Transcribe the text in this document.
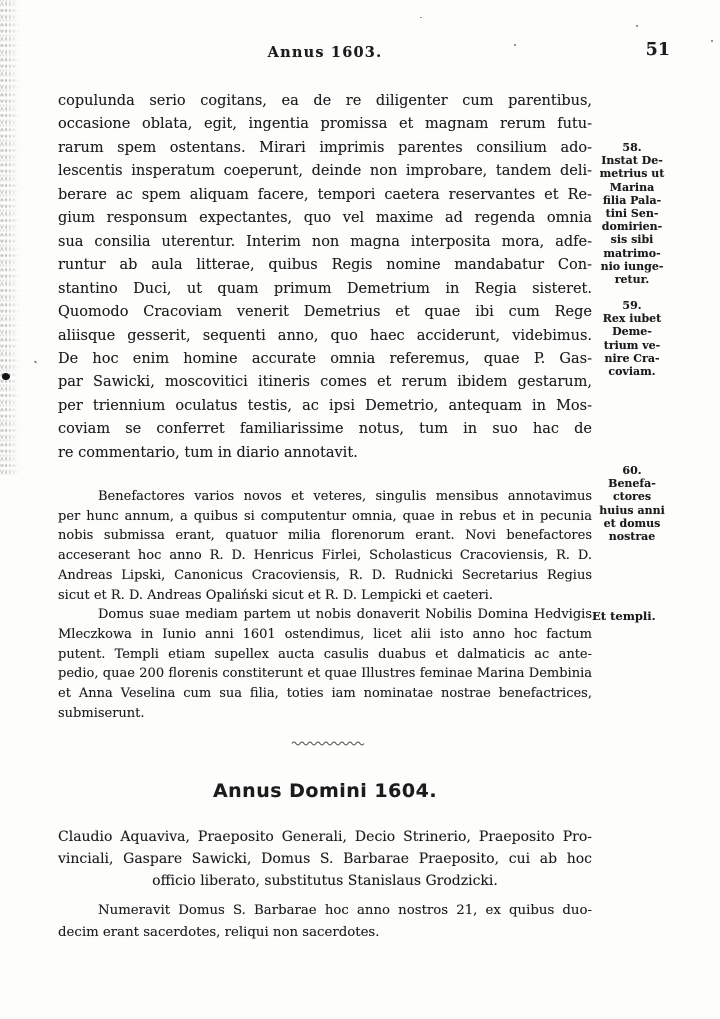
Annus 1603.	51
copulunda serio cogitans, ea de re diligenter cum parentibus,
occasione oblata, egit, ingentia promissa et magnam rerum futu-
rarum spem ostentans. Mirari imprimis parentes consilium ado-
lescentis insperatum coeperunt, deinde non improbare, tandem deli-
berare ac spem aliquam facere, tempori caetera reservantes et Re-
gium responsum expectantes, quo vel maxime ad regenda omnia
sua consilia uterentur. Interim non magna interposita mora, adfe-
runtur ab aula litterae, quibus Regis nomine mandabatur Con-
stantino Duci, ut quam primum Demetrium in Regia sisteret.
Quomodo Cracoviam venerit Demetrius et quae ibi cum Rege
aliisque gesserit, sequenti anno, quo haec acciderunt, videbimus.
De hoc enim homine accurate omnia referemus, quae P. Gas-
par Sawicki, moscovitici itineris comes et rerum ibidem gestarum,
per triennium oculatus testis, ac ipsi Demetrio, antequam in Mos-
coviam se conferret familiarissime notus, tum in suo hac de
re commentario, tum in diario annotavit.
Benefactores varios novos et veteres, singulis mensibus annotavimus
per hunc annum, a quibus si computentur omnia, quae in rebus et in pecunia
nobis submissa erant, quatuor milia florenorum erant. Novi benefactores
acceserant hoc anno R. D. Henricus Firlei, Scholasticus Cracoviensis, R. D.
Andreas Lipski, Canonicus Cracoviensis, R. D. Rudnicki Secretarius Regius
sicut et R. D. Andreas Opaliński sicut et R. D. Lempicki et caeteri.
Domus suae mediam partem ut nobis donaverit Nobilis Domina Hedvigis
Mleczkowa in Iunio anni 1601 ostendimus, licet alii isto anno hoc factum
putent. Templi etiam supellex aucta casulis duabus et dalmaticis ac ante-
pedio, quae 200 florenis constiterunt et quae Illustres feminae Marina Dembinia
et Anna Veselina cum sua filia, toties iam nominatae nostrae benefactrices,
submiserunt.
58.
Instat De-
metrius ut
Marina
filia Pala-
tini Sen-
domirien-
sis sibi
matrimo-
nio iunge-
retur.
59.
Rex iubet
Deme-
trium ve-
nire Cra-
coviam.
60.
Benefa-
ctores
huius anni
et domus
nostrae
Et templi.
Annus Domini 1604.
Claudio Aquaviva, Praeposito Generali, Decio Strinerio, Praeposito Pro-
vinciali, Gaspare Sawicki, Domus S. Barbarae Praeposito, cui ab hoc
officio liberato, substitutus Stanislaus Grodzicki.
Numeravit Domus S. Barbarae hoc anno nostros 21, ex quibus duo-
decim erant sacerdotes, reliqui non sacerdotes.
